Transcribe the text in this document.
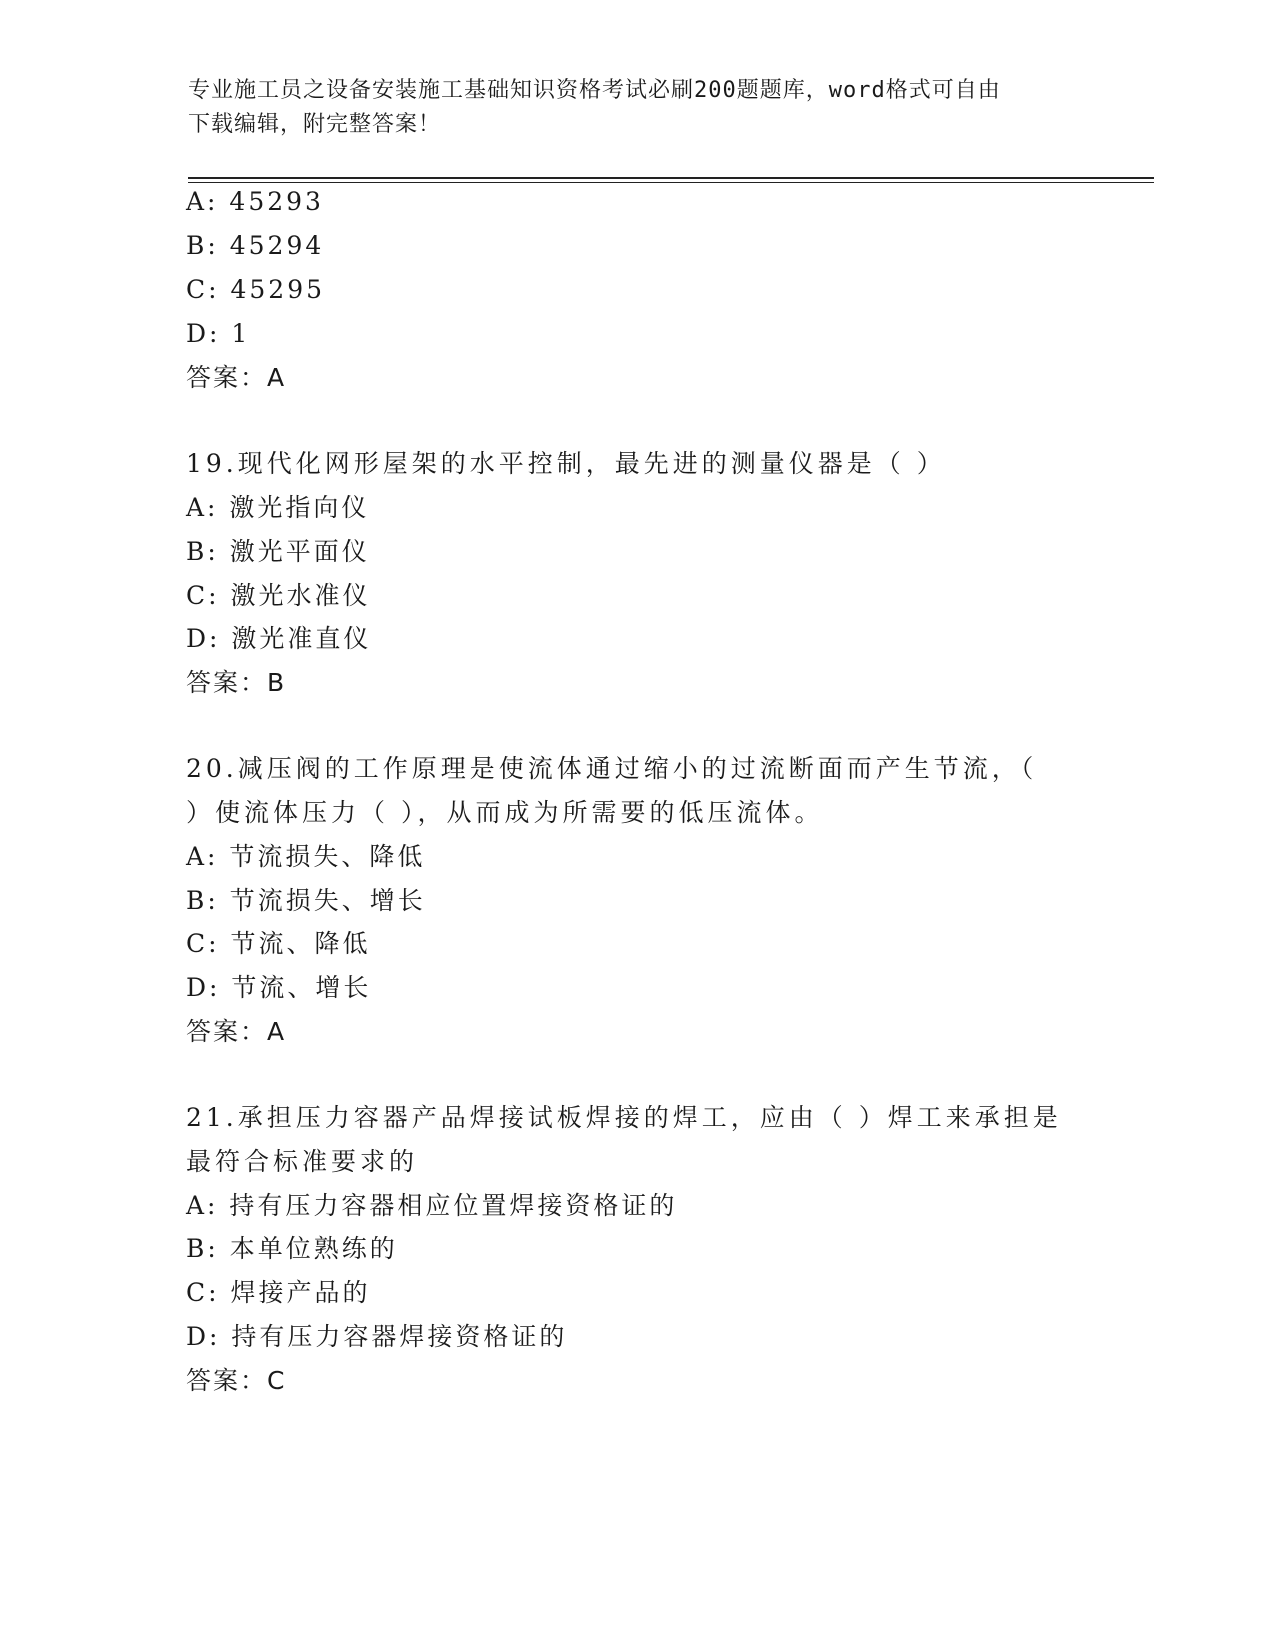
专业施工员之设备安装施工基础知识资格考试必刷200题题库，word格式可自由
下载编辑，附完整答案！
A: 45293
B: 45294
C: 45295
D: 1
答案：A
19.现代化网形屋架的水平控制，最先进的测量仪器是（ ）
A: 激光指向仪
B: 激光平面仪
C: 激光水准仪
D: 激光准直仪
答案：B
20.减压阀的工作原理是使流体通过缩小的过流断面而产生节流，（
）使流体压力（ ），从而成为所需要的低压流体。
A: 节流损失、降低
B: 节流损失、增长
C: 节流、降低
D: 节流、增长
答案：A
21.承担压力容器产品焊接试板焊接的焊工，应由（ ）焊工来承担是
最符合标准要求的
A: 持有压力容器相应位置焊接资格证的
B: 本单位熟练的
C: 焊接产品的
D: 持有压力容器焊接资格证的
答案：C
